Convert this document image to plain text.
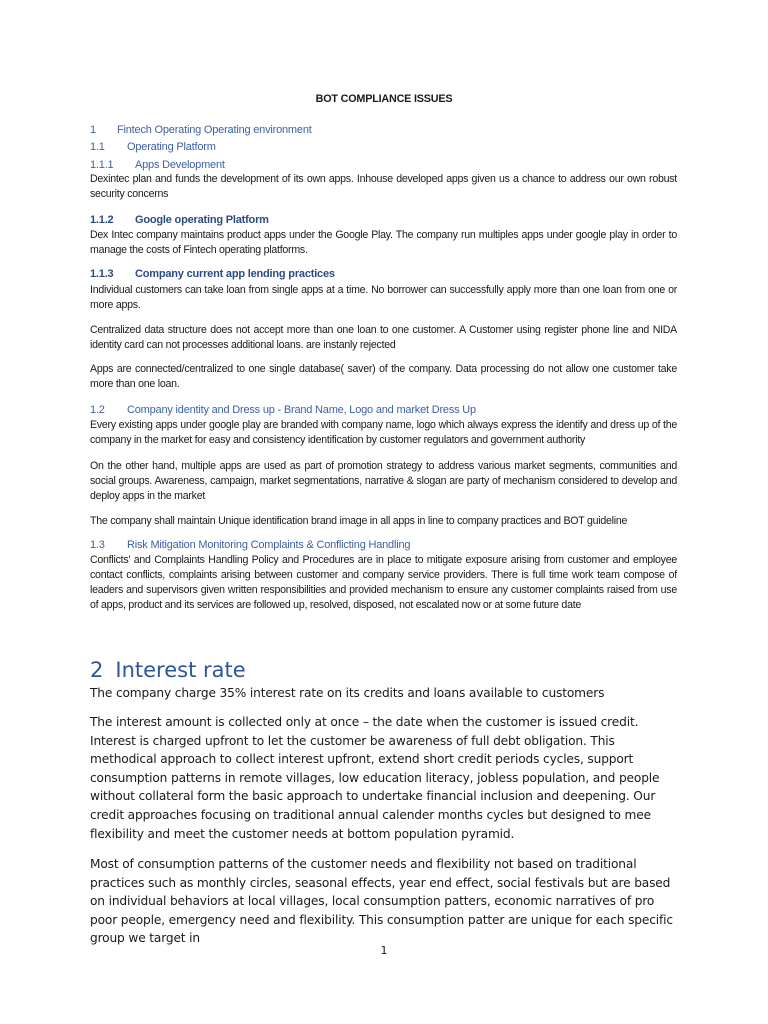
BOT COMPLIANCE ISSUES
1 Fintech Operating Operating environment
1.1 Operating Platform
1.1.1 Apps Development

Dexintec plan and funds the development of its own apps. Inhouse developed apps given us a chance to address our own robust security concerns

1.1.2 Google operating Platform

Dex Intec company maintains product apps under the Google Play. The company run multiples apps under google play in order to manage the costs of Fintech operating platforms.

1.1.3 Company current app lending practices

Individual customers can take loan from single apps at a time. No borrower can successfully apply more than one loan from one or more apps.

Centralized data structure does not accept more than one loan to one customer. A Customer using register phone line and NIDA identity card can not processes additional loans. are instanly rejected

Apps are connected/centralized to one single database( saver) of the company. Data processing do not allow one customer take more than one loan.

1.2 Company identity and Dress up - Brand Name, Logo and market Dress Up

Every existing apps under google play are branded with company name, logo which always express the identify and dress up of the company in the market for easy and consistency identification by customer regulators and government authority

On the other hand, multiple apps are used as part of promotion strategy to address various market segments, communities and social groups. Awareness, campaign, market segmentations, narrative & slogan are party of mechanism considered to develop and deploy apps in the market

The company shall maintain Unique identification brand image in all apps in line to company practices and BOT guideline

1.3 Risk Mitigation Monitoring Complaints & Conflicting Handling

Conflicts' and Complaints Handling Policy and Procedures are in place to mitigate exposure arising from customer and employee contact conflicts, complaints arising between customer and company service providers. There is full time work team compose of leaders and supervisors given written responsibilities and provided mechanism to ensure any customer complaints raised from use of apps, product and its services are followed up, resolved, disposed, not escalated now or at some future date

2 Interest rate

The company charge 35% interest rate on its credits and loans available to customers

The interest amount is collected only at once – the date when the customer is issued credit. Interest is charged upfront to let the customer be awareness of full debt obligation. This methodical approach to collect interest upfront, extend short credit periods cycles, support consumption patterns in remote villages, low education literacy, jobless population, and people without collateral form the basic approach to undertake financial inclusion and deepening. Our credit approaches focusing on traditional annual calender months cycles but designed to mee flexibility and meet the customer needs at bottom population pyramid.

Most of consumption patterns of the customer needs and flexibility not based on traditional practices such as monthly circles, seasonal effects, year end effect, social festivals but are based on individual behaviors at local villages, local consumption patters, economic narratives of pro poor people, emergency need and flexibility. This consumption patter are unique for each specific group we target in

1
